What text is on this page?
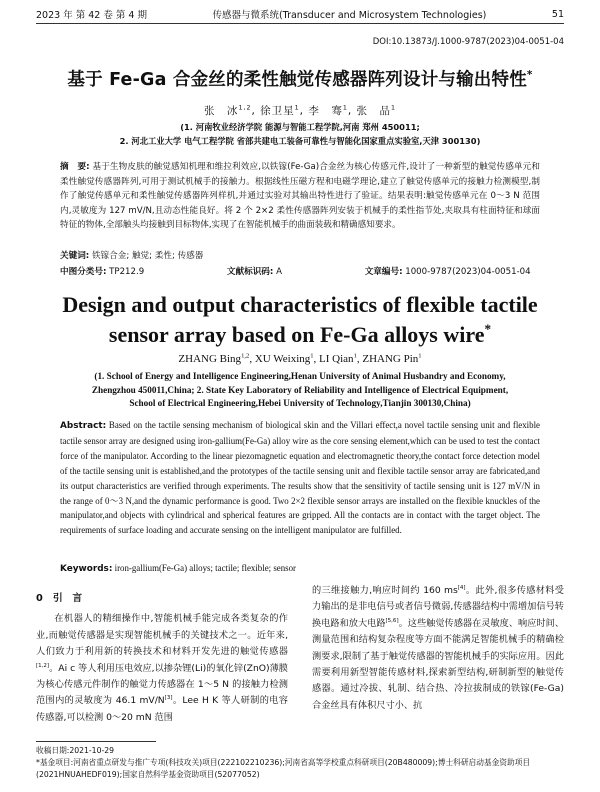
2023 年 第 42 卷 第 4 期	传感器与微系统(Transducer and Microsystem Technologies)	51
DOI:10.13873/J.1000-9787(2023)04-0051-04
基于 Fe-Ga 合金丝的柔性触觉传感器阵列设计与输出特性*
张　冰$^{1,2}$, 徐卫星$^1$, 李　骞$^1$, 张　品$^1$
(1. 河南牧业经济学院 能源与智能工程学院,河南 郑州 450011;
2. 河北工业大学 电气工程学院 省部共建电工装备可靠性与智能化国家重点实验室,天津 300130)
摘　要: 基于生物皮肤的触觉感知机理和维拉利效应,以铁镓(Fe-Ga)合金丝为核心传感元件,设计了一种新型的触觉传感单元和柔性触觉传感器阵列,可用于测试机械手的接触力。根据线性压磁方程和电磁学理论,建立了触觉传感单元的接触力检测模型,制作了触觉传感单元和柔性触觉传感器阵列样机,并通过实验对其输出特性进行了验证。结果表明:触觉传感单元在 0～3 N 范围内,灵敏度为 127 mV/N,且动态性能良好。将 2 个 2×2 柔性传感器阵列安装于机械手的柔性指节处,夹取具有柱面特征和球面特征的物体,全部触头均接触到目标物体,实现了在智能机械手的曲面装载和精确感知要求。
关键词: 铁镓合金; 触觉; 柔性; 传感器
中图分类号: TP212.9	文献标识码: A	文章编号: 1000-9787(2023)04-0051-04
Design and output characteristics of flexible tactile
sensor array based on Fe-Ga alloys wire*
ZHANG Bing$^{1,2}$, XU Weixing$^1$, LI Qian$^1$, ZHANG Pin$^1$
(1. School of Energy and Intelligence Engineering,Henan University of Animal Husbandry and Economy,
Zhengzhou 450011,China; 2. State Key Laboratory of Reliability and Intelligence of Electrical Equipment,
School of Electrical Engineering,Hebei University of Technology,Tianjin 300130,China)
Abstract: Based on the tactile sensing mechanism of biological skin and the Villari effect,a novel tactile sensing unit and flexible tactile sensor array are designed using iron-gallium(Fe-Ga) alloy wire as the core sensing element,which can be used to test the contact force of the manipulator. According to the linear piezomagnetic equation and electromagnetic theory,the contact force detection model of the tactile sensing unit is established,and the prototypes of the tactile sensing unit and flexible tactile sensor array are fabricated,and its output characteristics are verified through experiments. The results show that the sensitivity of tactile sensing unit is 127 mV/N in the range of 0～3 N,and the dynamic performance is good. Two 2×2 flexible sensor arrays are installed on the flexible knuckles of the manipulator,and objects with cylindrical and spherical features are gripped. All the contacts are in contact with the target object. The requirements of surface loading and accurate sensing on the intelligent manipulator are fulfilled.
Keywords: iron-gallium(Fe-Ga) alloys; tactile; flexible; sensor
0 引　言
在机器人的精细操作中,智能机械手能完成各类复杂的作业,而触觉传感器是实现智能机械手的关键技术之一。近年来,人们致力于利用新的转换技术和材料开发先进的触觉传感器[1,2]。Ai c 等人利用压电效应,以掺杂锂(Li)的氧化锌(ZnO)薄膜为核心传感元件制作的触觉力传感器在 1～5 N 的接触力检测范围内的灵敏度为 46.1 mV/N[3]。Lee H K 等人研制的电容传感器,可以检测 0～20 mN 范围
的三维接触力,响应时间约 160 ms[4]。此外,很多传感材料受力输出的是非电信号或者信号微弱,传感器结构中需增加信号转换电路和放大电路[5,6]。这些触觉传感器在灵敏度、响应时间、测量范围和结构复杂程度等方面不能满足智能机械手的精确检测要求,限制了基于触觉传感器的智能机械手的实际应用。因此需要利用新型智能传感材料,探索新型结构,研制新型的触觉传感器。通过冷拔、轧制、结合热、冷拉拔制成的铁镓(Fe-Ga)合金丝具有体积尺寸小、抗
收稿日期:2021-10-29
*基金项目:河南省重点研发与推广专项(科技攻关)项目(222102210236);河南省高等学校重点科研项目(20B480009);博士科研启动基金资助项目(2021HNUAHEDF019);国家自然科学基金资助项目(52077052)
